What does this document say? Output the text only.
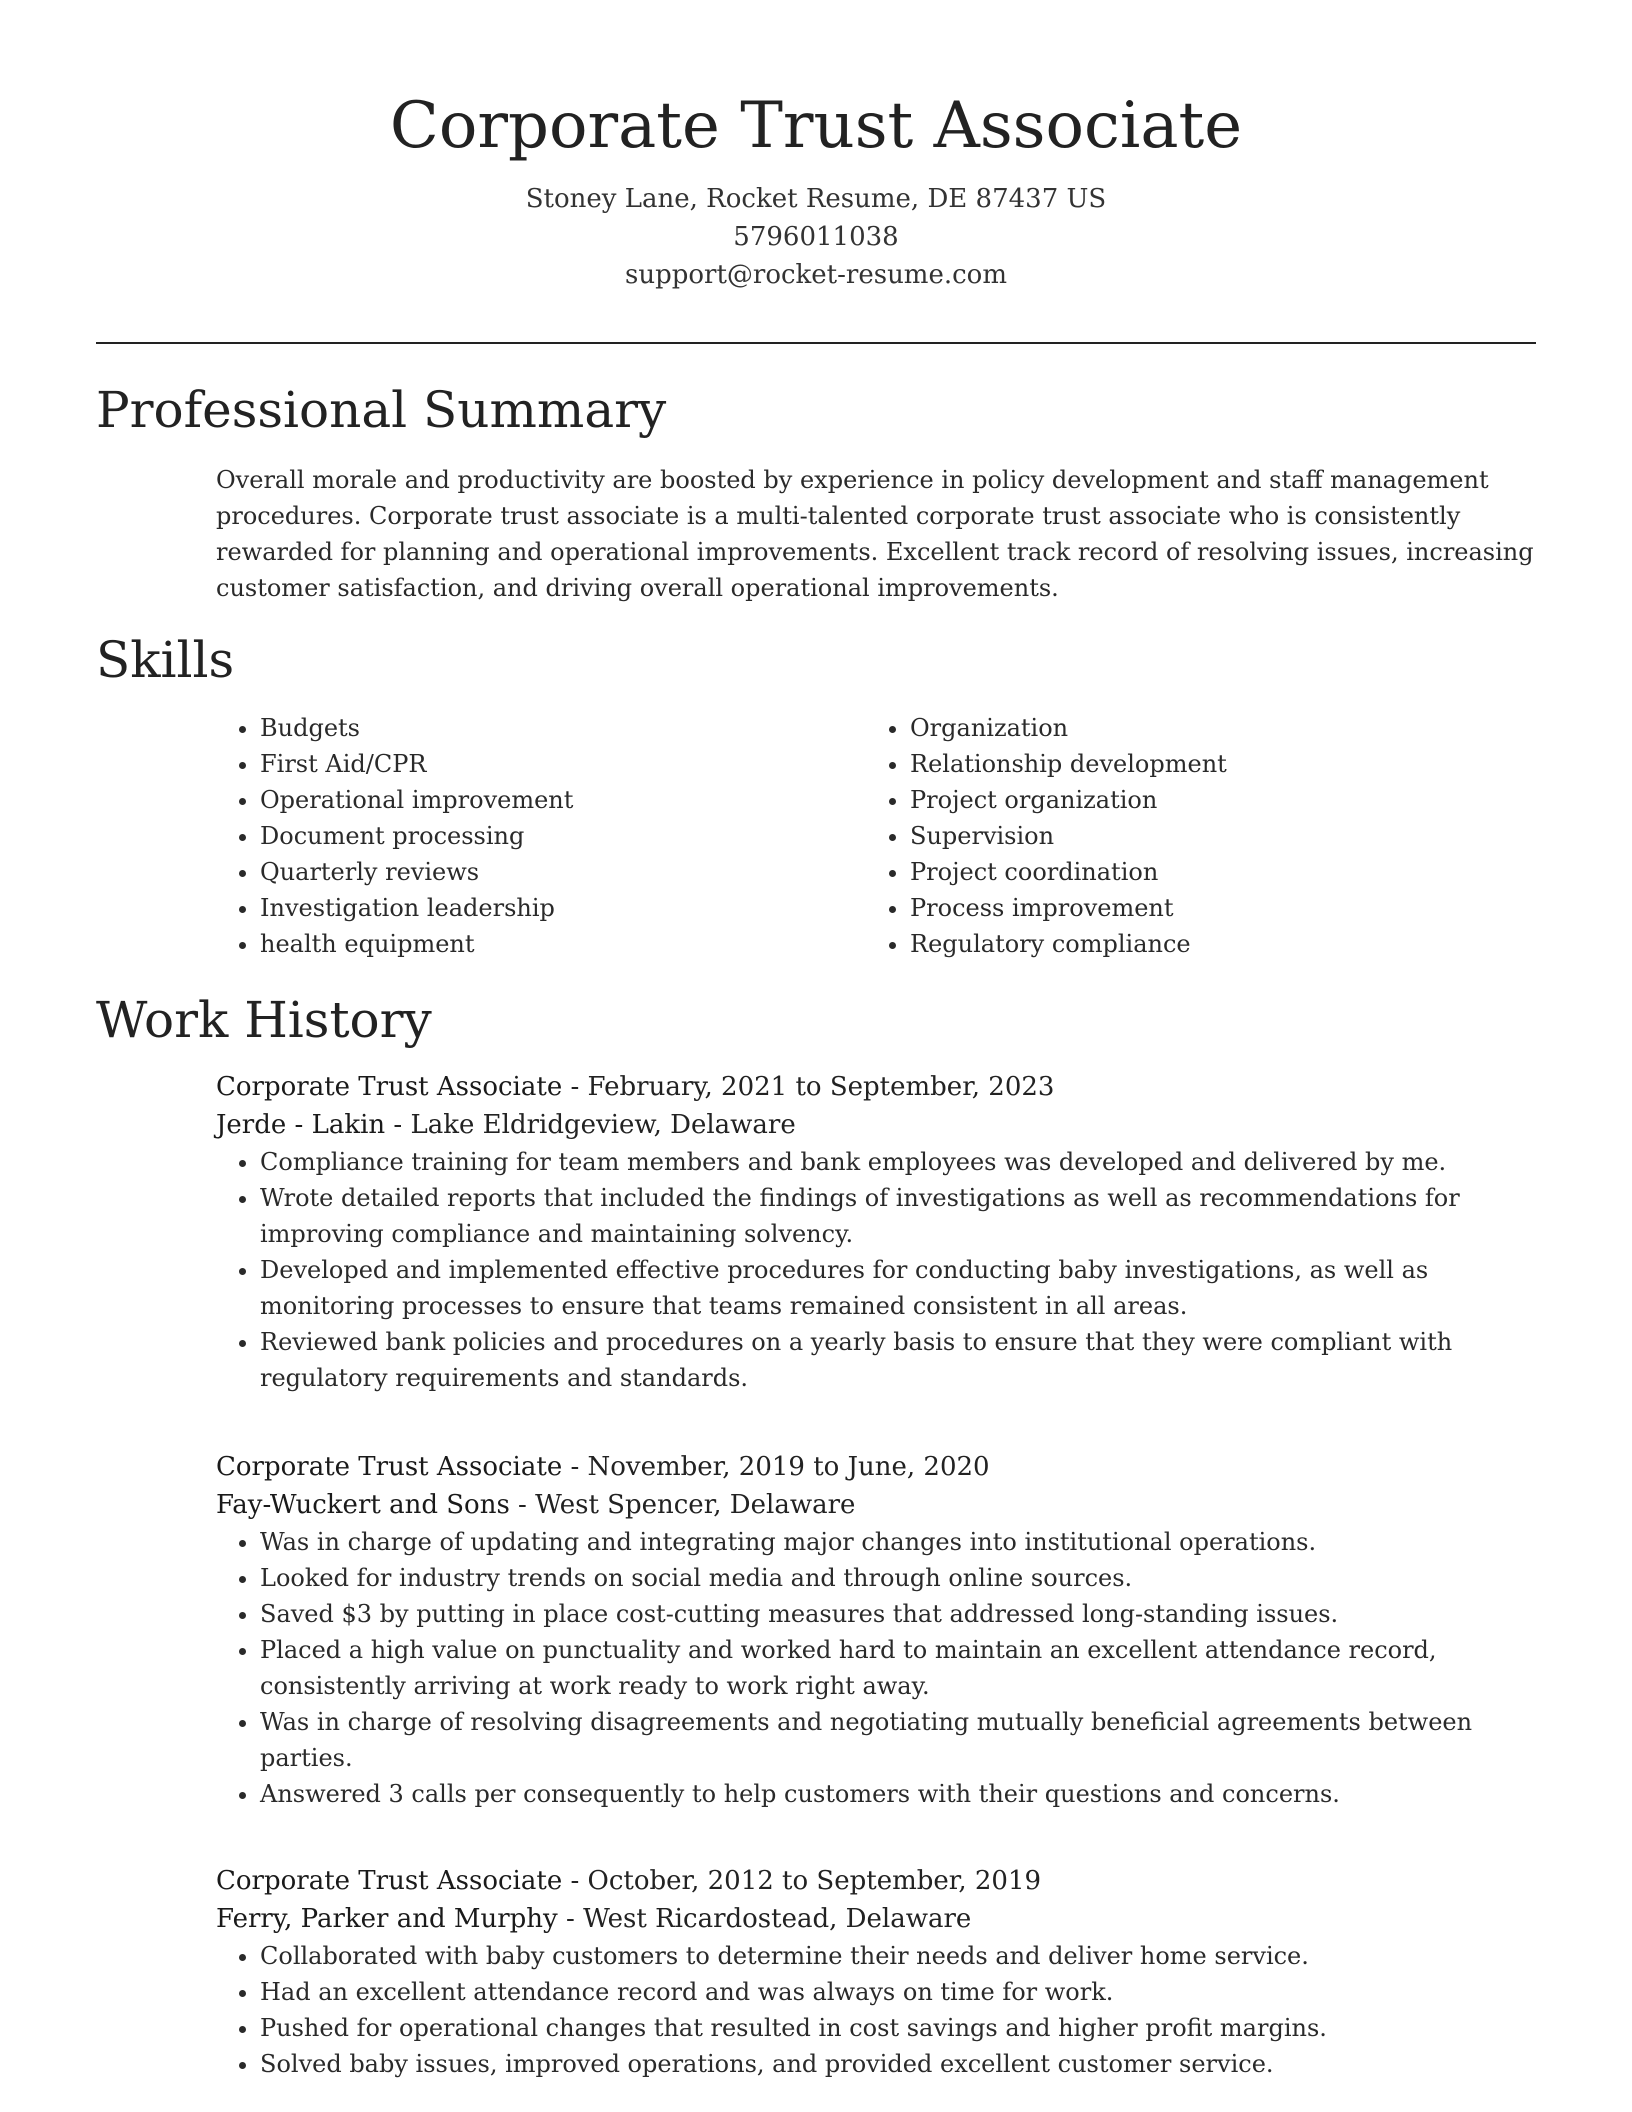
Corporate Trust Associate
Stoney Lane, Rocket Resume, DE 87437 US
5796011038
support@rocket-resume.com
Professional Summary

Overall morale and productivity are boosted by experience in policy development and staff management procedures. Corporate trust associate is a multi-talented corporate trust associate who is consistently rewarded for planning and operational improvements. Excellent track record of resolving issues, increasing customer satisfaction, and driving overall operational improvements.

Skills
• Budgets
• First Aid/CPR
• Operational improvement
• Document processing
• Quarterly reviews
• Investigation leadership
• health equipment
• Organization
• Relationship development
• Project organization
• Supervision
• Project coordination
• Process improvement
• Regulatory compliance
Work History
Corporate Trust Associate - February, 2021 to September, 2023
Jerde - Lakin - Lake Eldridgeview, Delaware
• Compliance training for team members and bank employees was developed and delivered by me.
• Wrote detailed reports that included the findings of investigations as well as recommendations for improving compliance and maintaining solvency.
• Developed and implemented effective procedures for conducting baby investigations, as well as monitoring processes to ensure that teams remained consistent in all areas.
• Reviewed bank policies and procedures on a yearly basis to ensure that they were compliant with regulatory requirements and standards.
Corporate Trust Associate - November, 2019 to June, 2020
Fay-Wuckert and Sons - West Spencer, Delaware
• Was in charge of updating and integrating major changes into institutional operations.
• Looked for industry trends on social media and through online sources.
• Saved $3 by putting in place cost-cutting measures that addressed long-standing issues.
• Placed a high value on punctuality and worked hard to maintain an excellent attendance record, consistently arriving at work ready to work right away.
• Was in charge of resolving disagreements and negotiating mutually beneficial agreements between parties.
• Answered 3 calls per consequently to help customers with their questions and concerns.
Corporate Trust Associate - October, 2012 to September, 2019
Ferry, Parker and Murphy - West Ricardostead, Delaware
• Collaborated with baby customers to determine their needs and deliver home service.
• Had an excellent attendance record and was always on time for work.
• Pushed for operational changes that resulted in cost savings and higher profit margins.
• Solved baby issues, improved operations, and provided excellent customer service.
